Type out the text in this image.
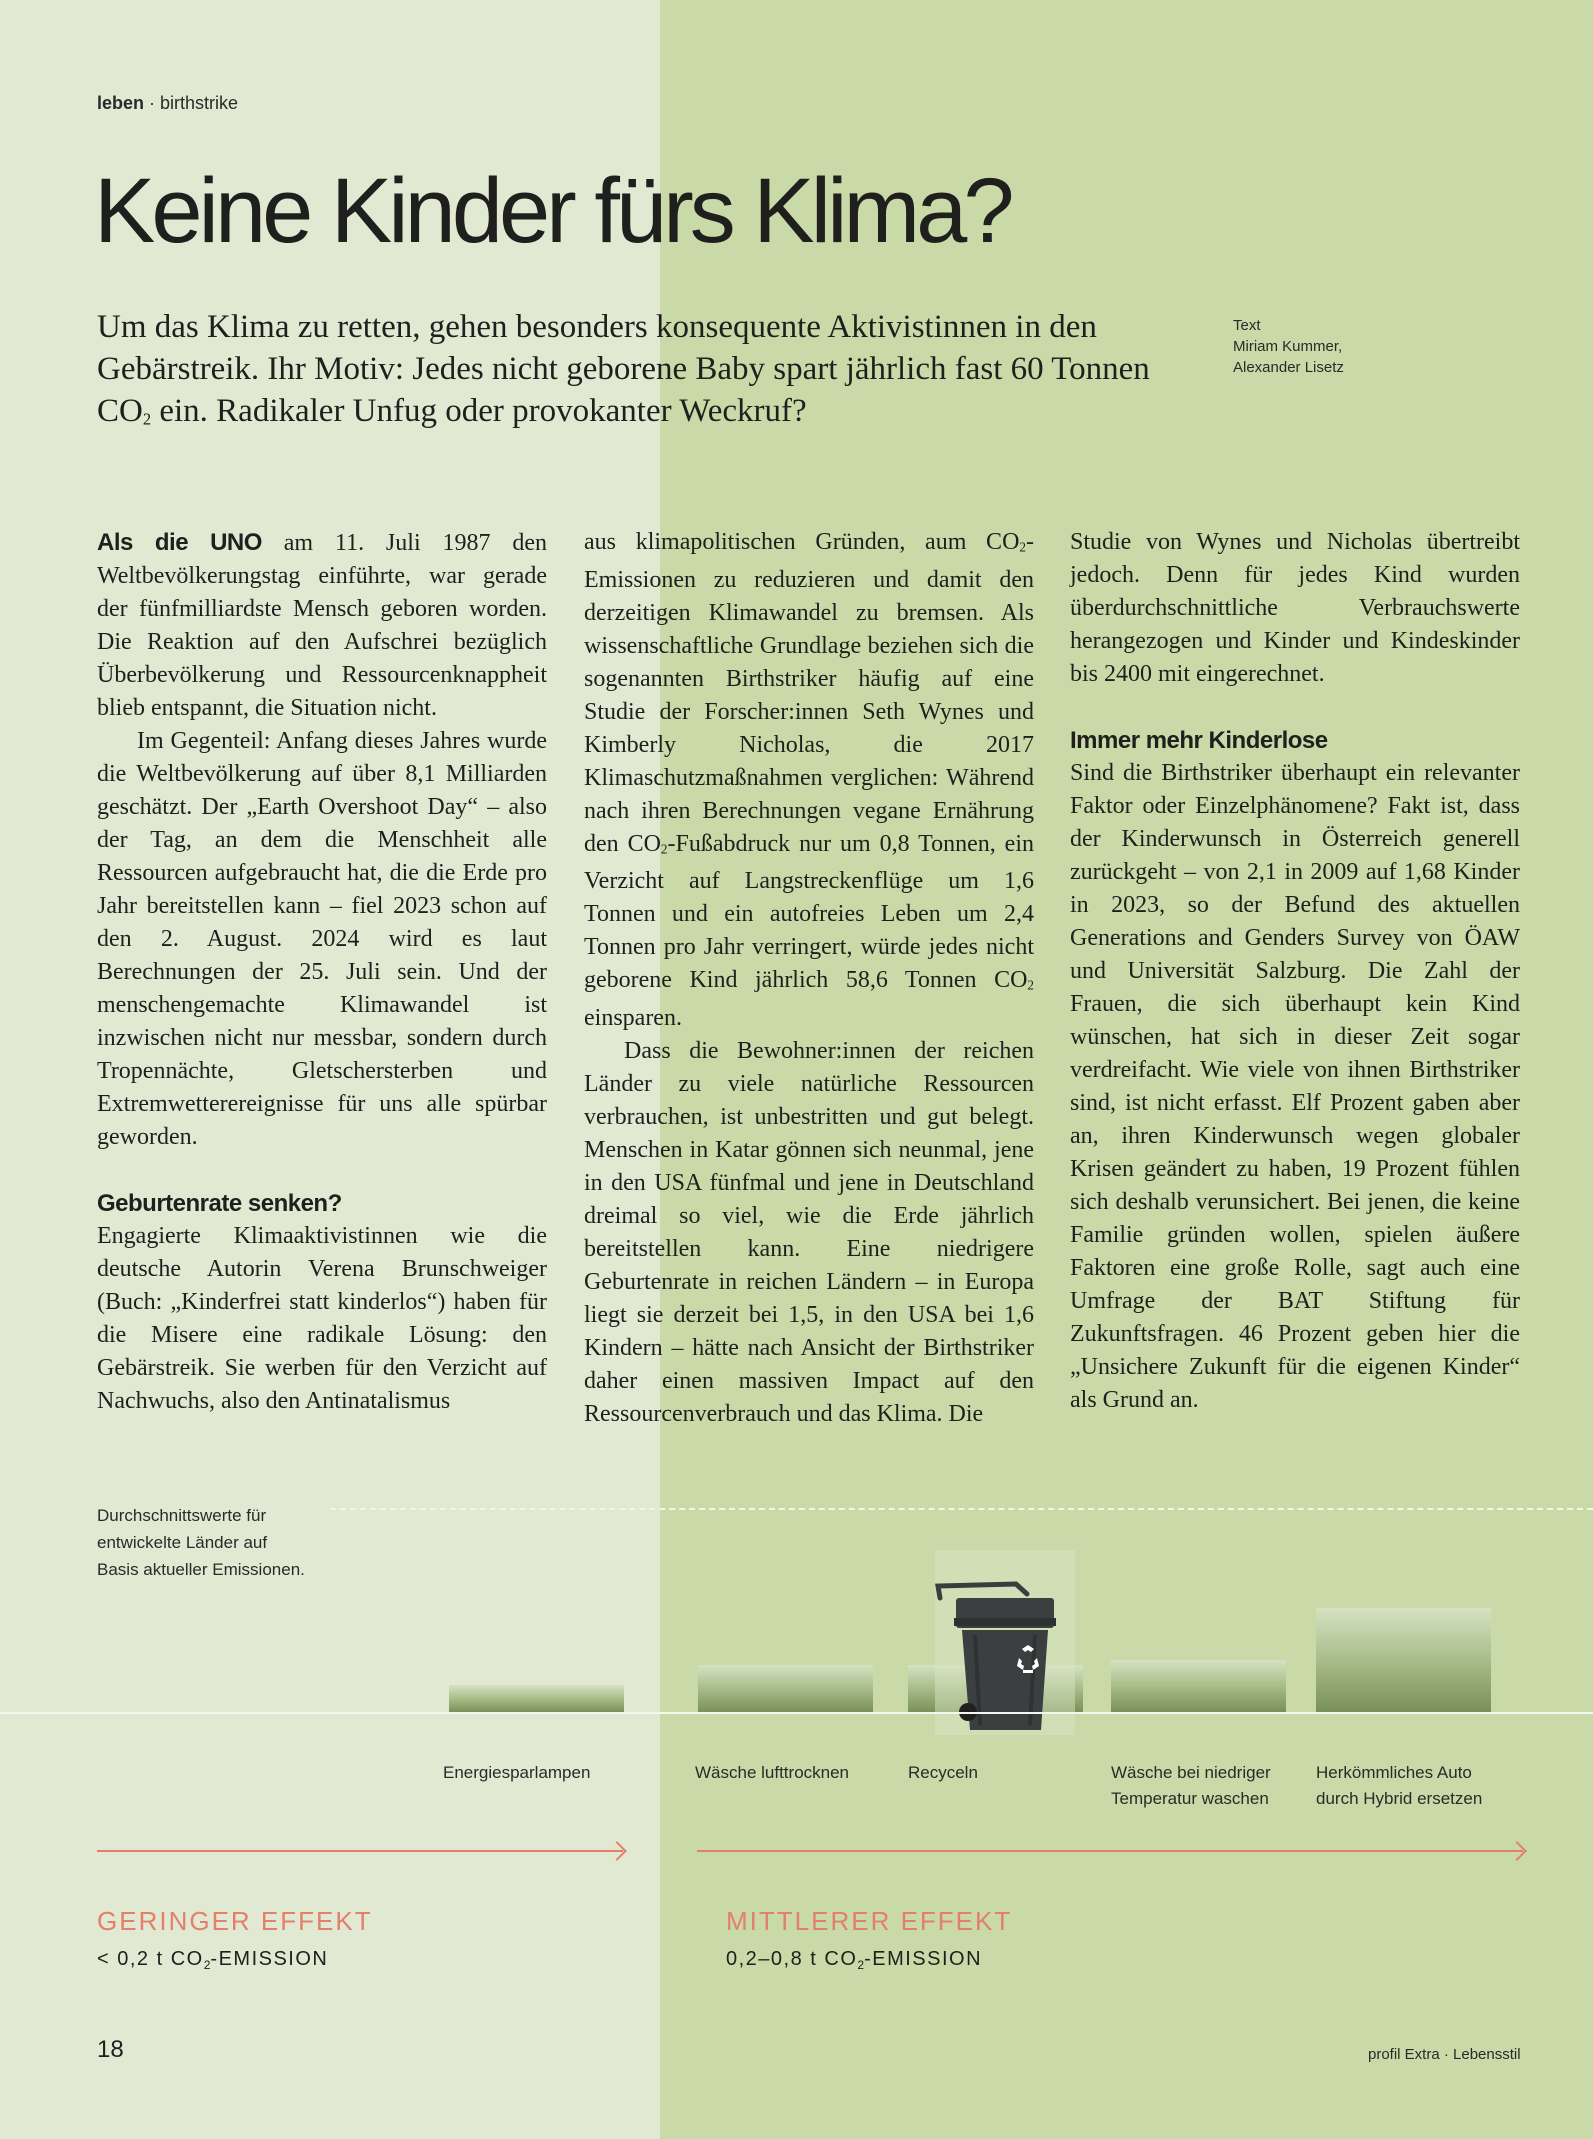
leben · birthstrike
Keine Kinder fürs Klima?

Um das Klima zu retten, gehen besonders konsequente Aktivistinnen in den Gebärstreik. Ihr Motiv: Jedes nicht geborene Baby spart jährlich fast 60 Tonnen CO2 ein. Radikaler Unfug oder provokanter Weckruf?

Text
Miriam Kummer,
Alexander Lisetz

Als die UNO am 11. Juli 1987 den Weltbevölkerungstag einführte, war gerade der fünfmilliardste Mensch geboren worden. Die Reaktion auf den Aufschrei bezüglich Überbevölkerung und Ressourcenknappheit blieb entspannt, die Situation nicht.

Im Gegenteil: Anfang dieses Jahres wurde die Weltbevölkerung auf über 8,1 Milliarden geschätzt. Der „Earth Overshoot Day“ – also der Tag, an dem die Menschheit alle Ressourcen aufgebraucht hat, die die Erde pro Jahr bereitstellen kann – fiel 2023 schon auf den 2. August. 2024 wird es laut Berechnungen der 25. Juli sein. Und der menschengemachte Klimawandel ist inzwischen nicht nur messbar, sondern durch Tropennächte, Gletschersterben und Extremwetterereignisse für uns alle spürbar geworden.

Geburtenrate senken?

Engagierte Klimaaktivistinnen wie die deutsche Autorin Verena Brunschweiger (Buch: „Kinderfrei statt kinderlos“) haben für die Misere eine radikale Lösung: den Gebärstreik. Sie werben für den Verzicht auf Nachwuchs, also den Antinatalismus

aus klimapolitischen Gründen, aum CO2-Emissionen zu reduzieren und damit den derzeitigen Klimawandel zu bremsen. Als wissenschaftliche Grundlage beziehen sich die sogenannten Birthstriker häufig auf eine Studie der Forscher:innen Seth Wynes und Kimberly Nicholas, die 2017 Klimaschutzmaßnahmen verglichen: Während nach ihren Berechnungen vegane Ernährung den CO2-Fußabdruck nur um 0,8 Tonnen, ein Verzicht auf Langstreckenflüge um 1,6 Tonnen und ein autofreies Leben um 2,4 Tonnen pro Jahr verringert, würde jedes nicht geborene Kind jährlich 58,6 Tonnen CO2 einsparen.

Dass die Bewohner:innen der reichen Länder zu viele natürliche Ressourcen verbrauchen, ist unbestritten und gut belegt. Menschen in Katar gönnen sich neunmal, jene in den USA fünfmal und jene in Deutschland dreimal so viel, wie die Erde jährlich bereitstellen kann. Eine niedrigere Geburtenrate in reichen Ländern – in Europa liegt sie derzeit bei 1,5, in den USA bei 1,6 Kindern – hätte nach Ansicht der Birthstriker daher einen massiven Impact auf den Ressourcenverbrauch und das Klima. Die

Studie von Wynes und Nicholas übertreibt jedoch. Denn für jedes Kind wurden überdurchschnittliche Verbrauchswerte herangezogen und Kinder und Kindeskinder bis 2400 mit eingerechnet.

Immer mehr Kinderlose

Sind die Birthstriker überhaupt ein relevanter Faktor oder Einzelphänomene? Fakt ist, dass der Kinderwunsch in Österreich generell zurückgeht – von 2,1 in 2009 auf 1,68 Kinder in 2023, so der Befund des aktuellen Generations and Genders Survey von ÖAW und Universität Salzburg. Die Zahl der Frauen, die sich überhaupt kein Kind wünschen, hat sich in dieser Zeit sogar verdreifacht. Wie viele von ihnen Birthstriker sind, ist nicht erfasst. Elf Prozent gaben aber an, ihren Kinderwunsch wegen globaler Krisen geändert zu haben, 19 Prozent fühlen sich deshalb verunsichert. Bei jenen, die keine Familie gründen wollen, spielen äußere Faktoren eine große Rolle, sagt auch eine Umfrage der BAT Stiftung für Zukunftsfragen. 46 Prozent geben hier die „Unsichere Zukunft für die eigenen Kinder“ als Grund an.

Durchschnittswerte für
entwickelte Länder auf
Basis aktueller Emissionen.
Energiesparlampen	Wäsche lufttrocknen	Recyceln	Wäsche bei niedriger
Temperatur waschen
Herkömmliches Auto
durch Hybrid ersetzen
GERINGER EFFEKT
< 0,2 t $CO_2$-EMISSION
MITTLERER EFFEKT
0,2–0,8 t $CO_2$-EMISSION
18	profil Extra · Lebensstil
